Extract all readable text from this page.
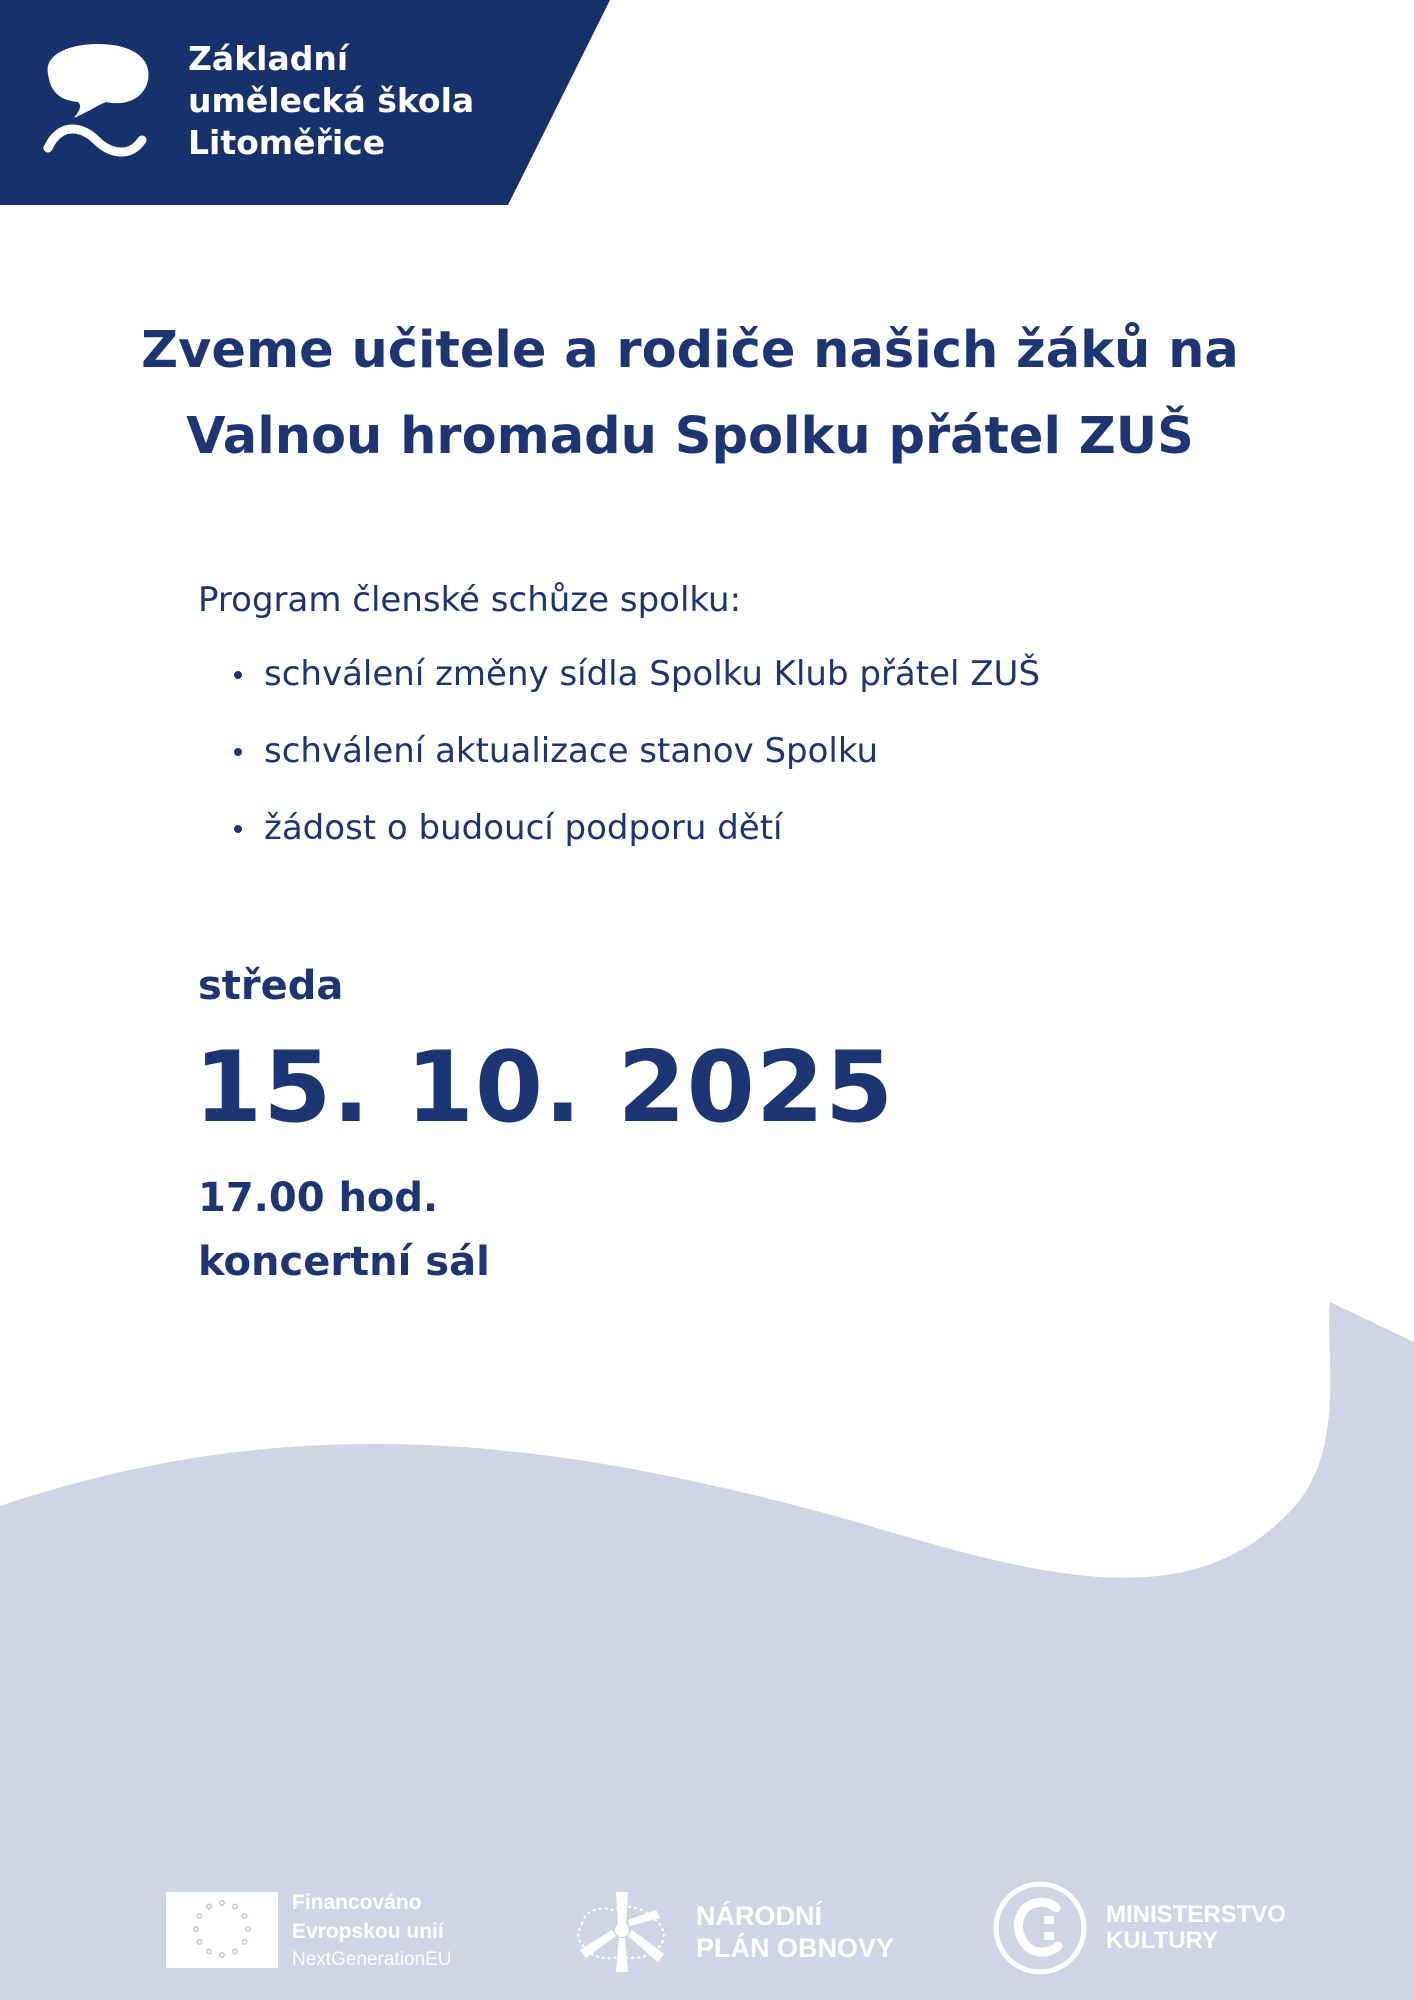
Základní
umělecká škola
Litoměřice
Zveme učitele a rodiče našich žáků na
Valnou hromadu Spolku přátel ZUŠ
Program členské schůze spolku:
schválení změny sídla Spolku Klub přátel ZUŠ
schválení aktualizace stanov Spolku
žádost o budoucí podporu dětí
středa
15. 10. 2025
17.00 hod.
koncertní sál
Financováno
Evropskou unií
NextGenerationEU
NÁRODNÍ
PLÁN OBNOVY
MINISTERSTVO
KULTURY
